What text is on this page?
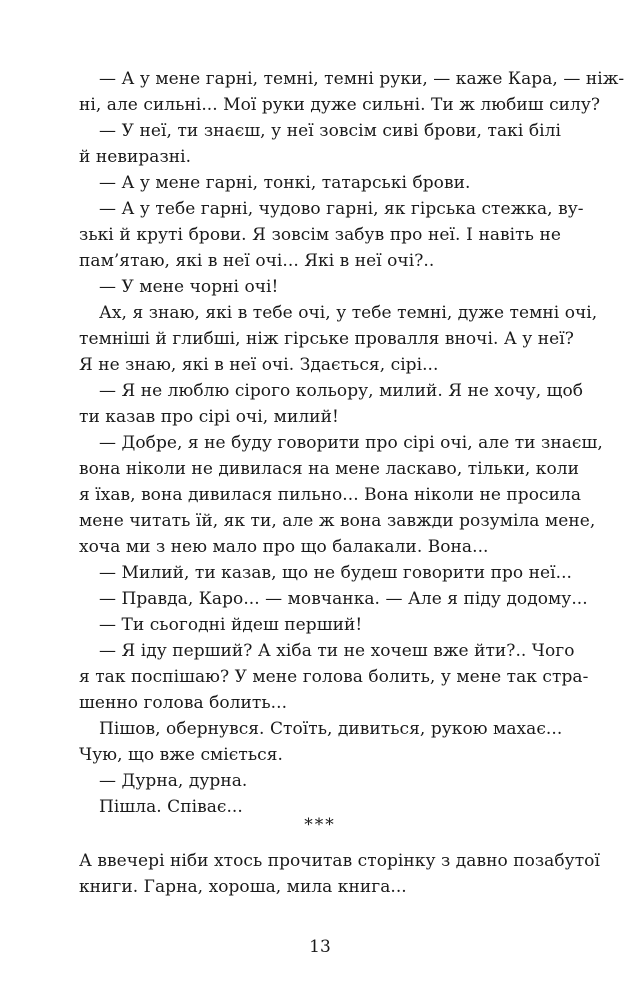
— А у мене гарні, темні, темні руки, — каже Кара, — ніж-
ні, але сильні... Мої руки дуже сильні. Ти ж любиш силу?
— У неї, ти знаєш, у неї зовсім сиві брови, такі білі
й невиразні.
— А у мене гарні, тонкі, татарські брови.
— А у тебе гарні, чудово гарні, як гірська стежка, ву-
зькі й круті брови. Я зовсім забув про неї. І навіть не
пам’ятаю, які в неї очі... Які в неї очі?..
— У мене чорні очі!
Ах, я знаю, які в тебе очі, у тебе темні, дуже темні очі,
темніші й глибші, ніж гірське провалля вночі. А у неї?
Я не знаю, які в неї очі. Здається, сірі...
— Я не люблю сірого кольору, милий. Я не хочу, щоб
ти казав про сірі очі, милий!
— Добре, я не буду говорити про сірі очі, але ти знаєш,
вона ніколи не дивилася на мене ласкаво, тільки, коли
я їхав, вона дивилася пильно... Вона ніколи не просила
мене читать їй, як ти, але ж вона завжди розуміла мене,
хоча ми з нею мало про що балакали. Вона...
— Милий, ти казав, що не будеш говорити про неї...
— Правда, Каро... — мовчанка. — Але я піду додому...
— Ти сьогодні йдеш перший!
— Я іду перший? А хіба ти не хочеш вже йти?.. Чого
я так поспішаю? У мене голова болить, у мене так стра-
шенно голова болить...
Пішов, обернувся. Стоїть, дивиться, рукою махає...
Чую, що вже сміється.
— Дурна, дурна.
Пішла. Співає...
***
А ввечері ніби хтось прочитав сторінку з давно позабутої
книги. Гарна, хороша, мила книга...
13
